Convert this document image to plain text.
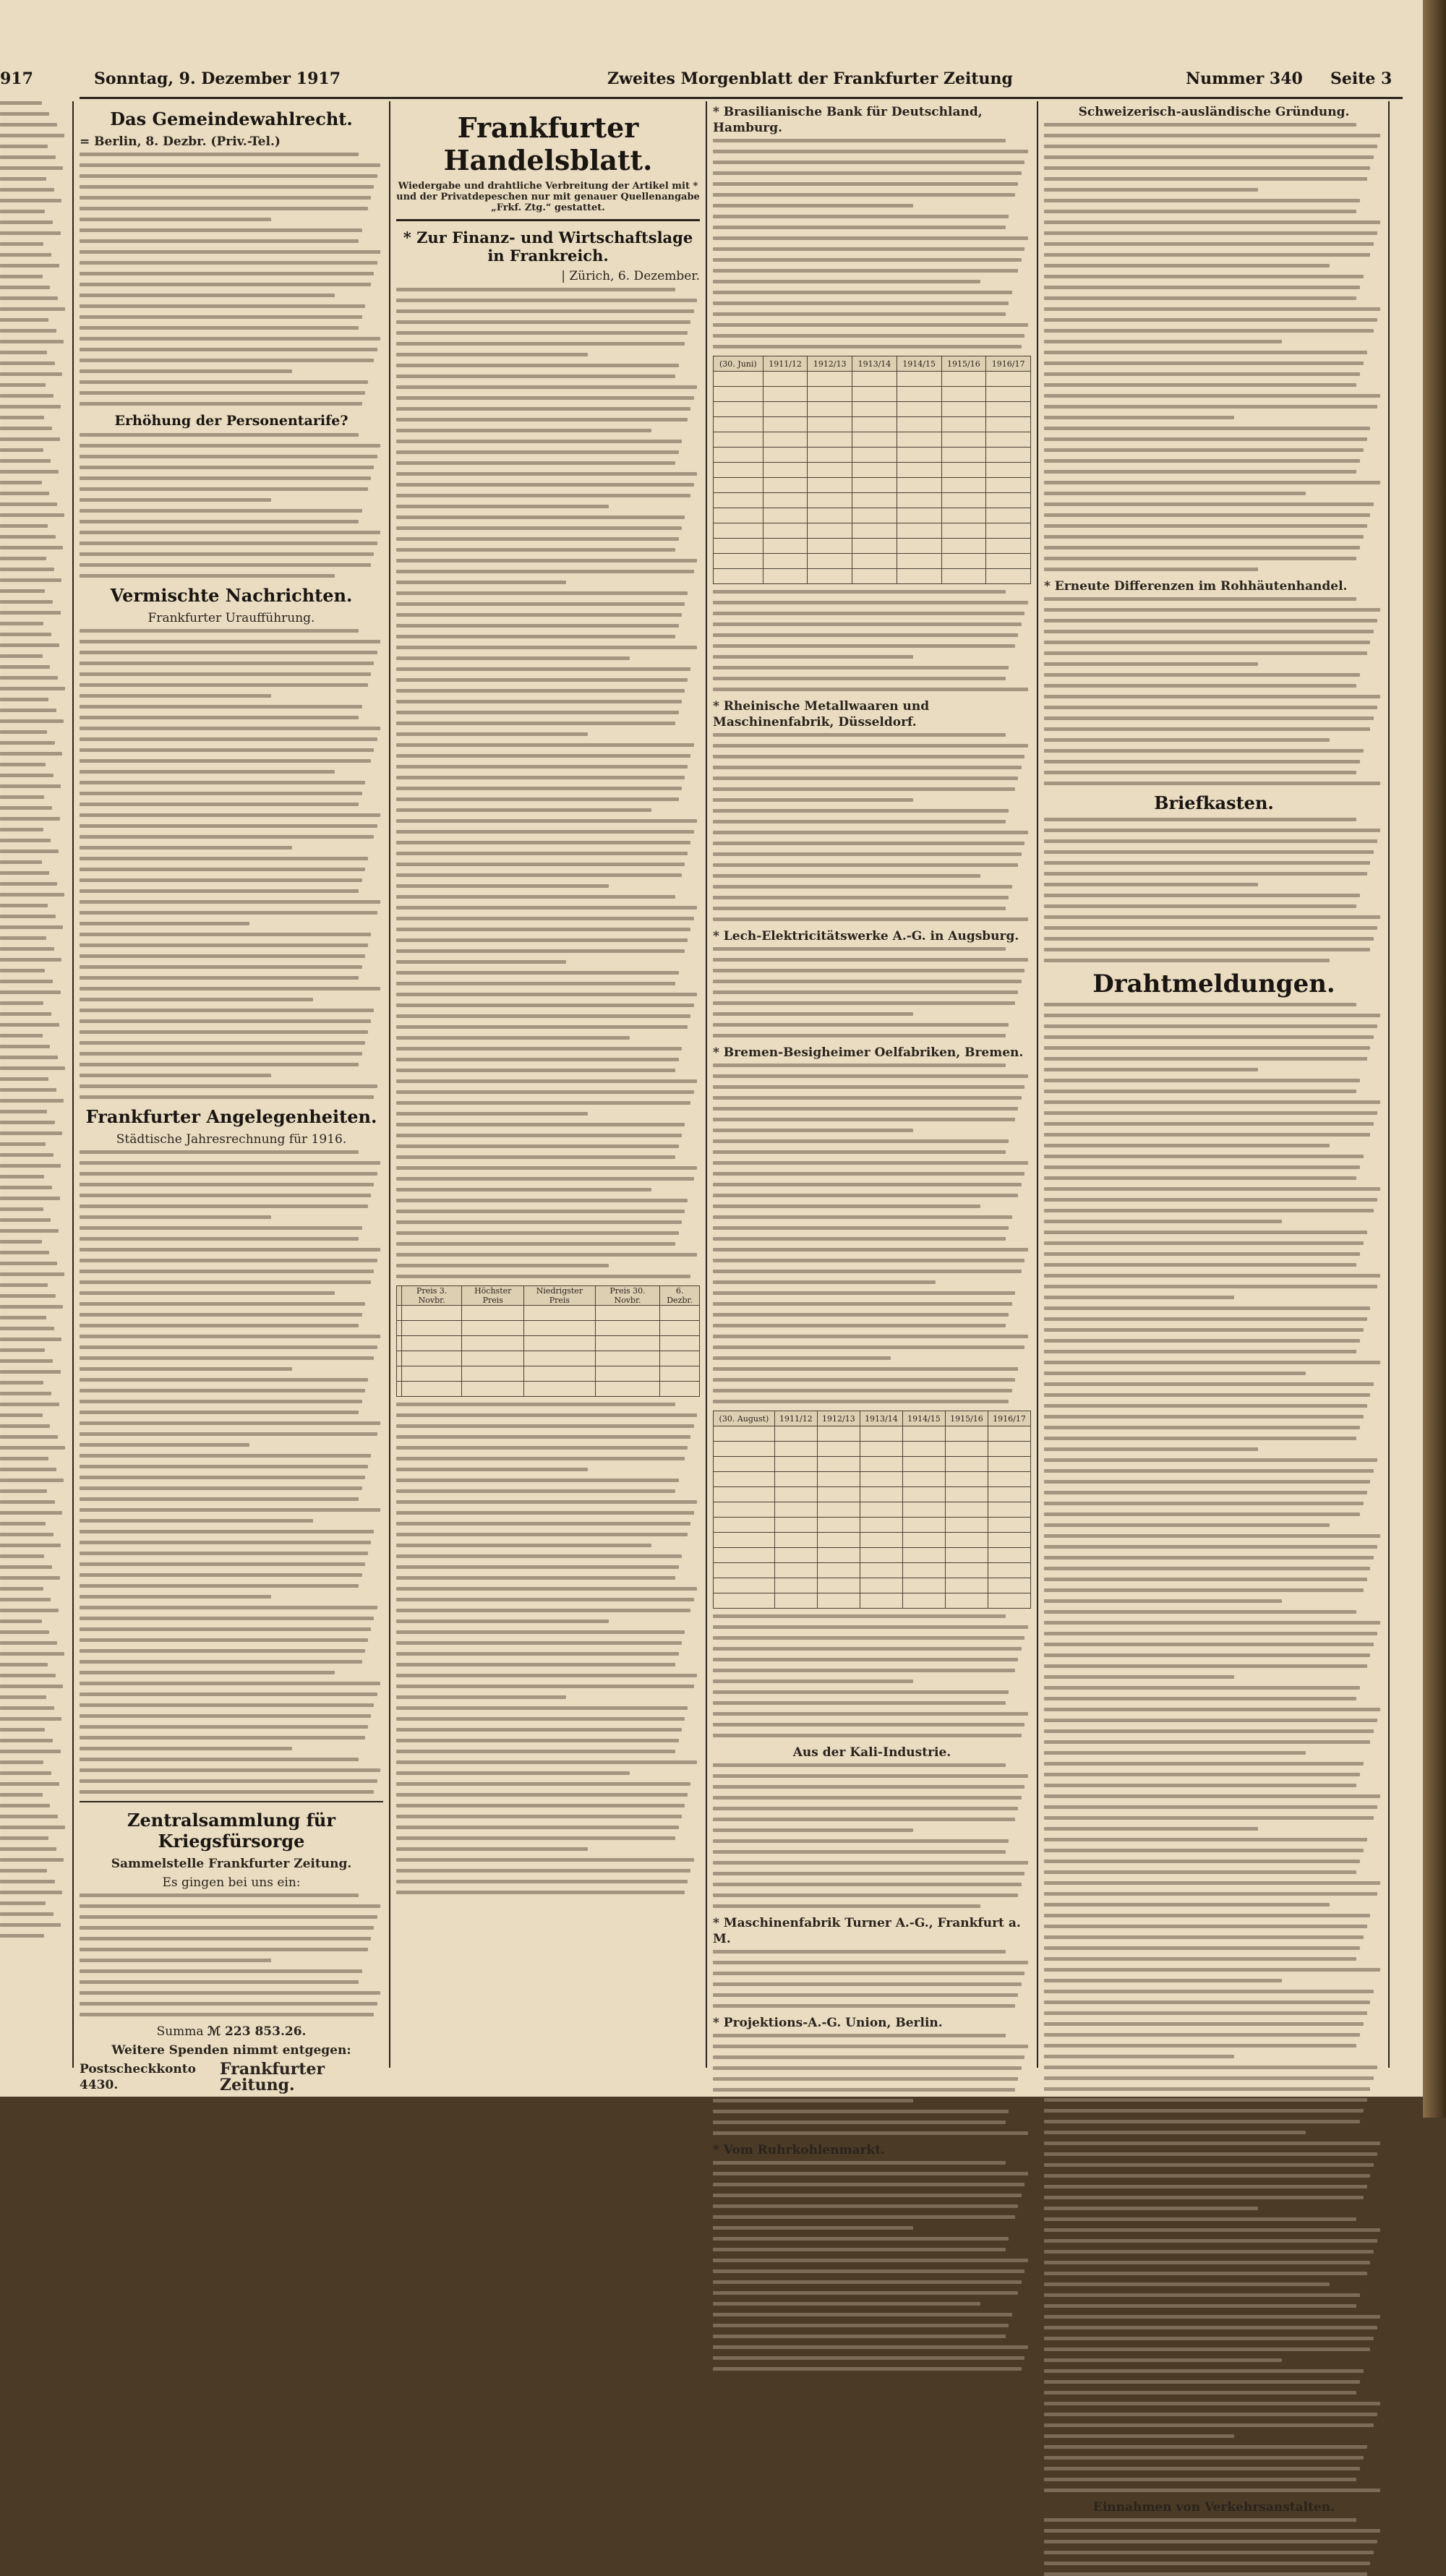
917	Sonntag, 9. Dezember 1917	Zweites Morgenblatt der Frankfurter Zeitung	Nummer 340 Seite 3
Das Gemeindewahlrecht.
= Berlin, 8. Dezbr. (Priv.-Tel.)
Erhöhung der Personentarife?
Vermischte Nachrichten.
Frankfurter Uraufführung.
Frankfurter Angelegenheiten.
Städtische Jahresrechnung für 1916.
Zentralsammlung für Kriegsfürsorge
Sammelstelle Frankfurter Zeitung.
Es gingen bei uns ein:
Summa ℳ 223 853.26.
Weitere Spenden nimmt entgegen:
Postscheckkonto 4430.
Frankfurter Zeitung.
Frankfurter Handelsblatt.
Wiedergabe und drahtliche Verbreitung der Artikel mit * und der Privatdepeschen nur mit genauer Quellenangabe „Frkf. Ztg.“ gestattet.
* Zur Finanz- und Wirtschaftslage in Frankreich.
| Zürich, 6. Dezember.
	Preis 3. Novbr.	Höchster Preis	Niedrigster Preis	Preis 30. Novbr.	6. Dezbr.

* Brasilianische Bank für Deutschland, Hamburg.
(30. Juni)	1911/12	1912/13	1913/14	1914/15	1915/16	1916/17

* Rheinische Metallwaaren und Maschinenfabrik, Düsseldorf.
* Lech-Elektricitätswerke A.-G. in Augsburg.
* Bremen-Besigheimer Oelfabriken, Bremen.
(30. August)	1911/12	1912/13	1913/14	1914/15	1915/16	1916/17

Aus der Kali-Industrie.
* Maschinenfabrik Turner A.-G., Frankfurt a. M.
* Projektions-A.-G. Union, Berlin.
* Vom Ruhrkohlenmarkt.
Schweizerisch-ausländische Gründung.
* Erneute Differenzen im Rohhäutenhandel.
Briefkasten.
Drahtmeldungen.
Einnahmen von Verkehrsanstalten.
